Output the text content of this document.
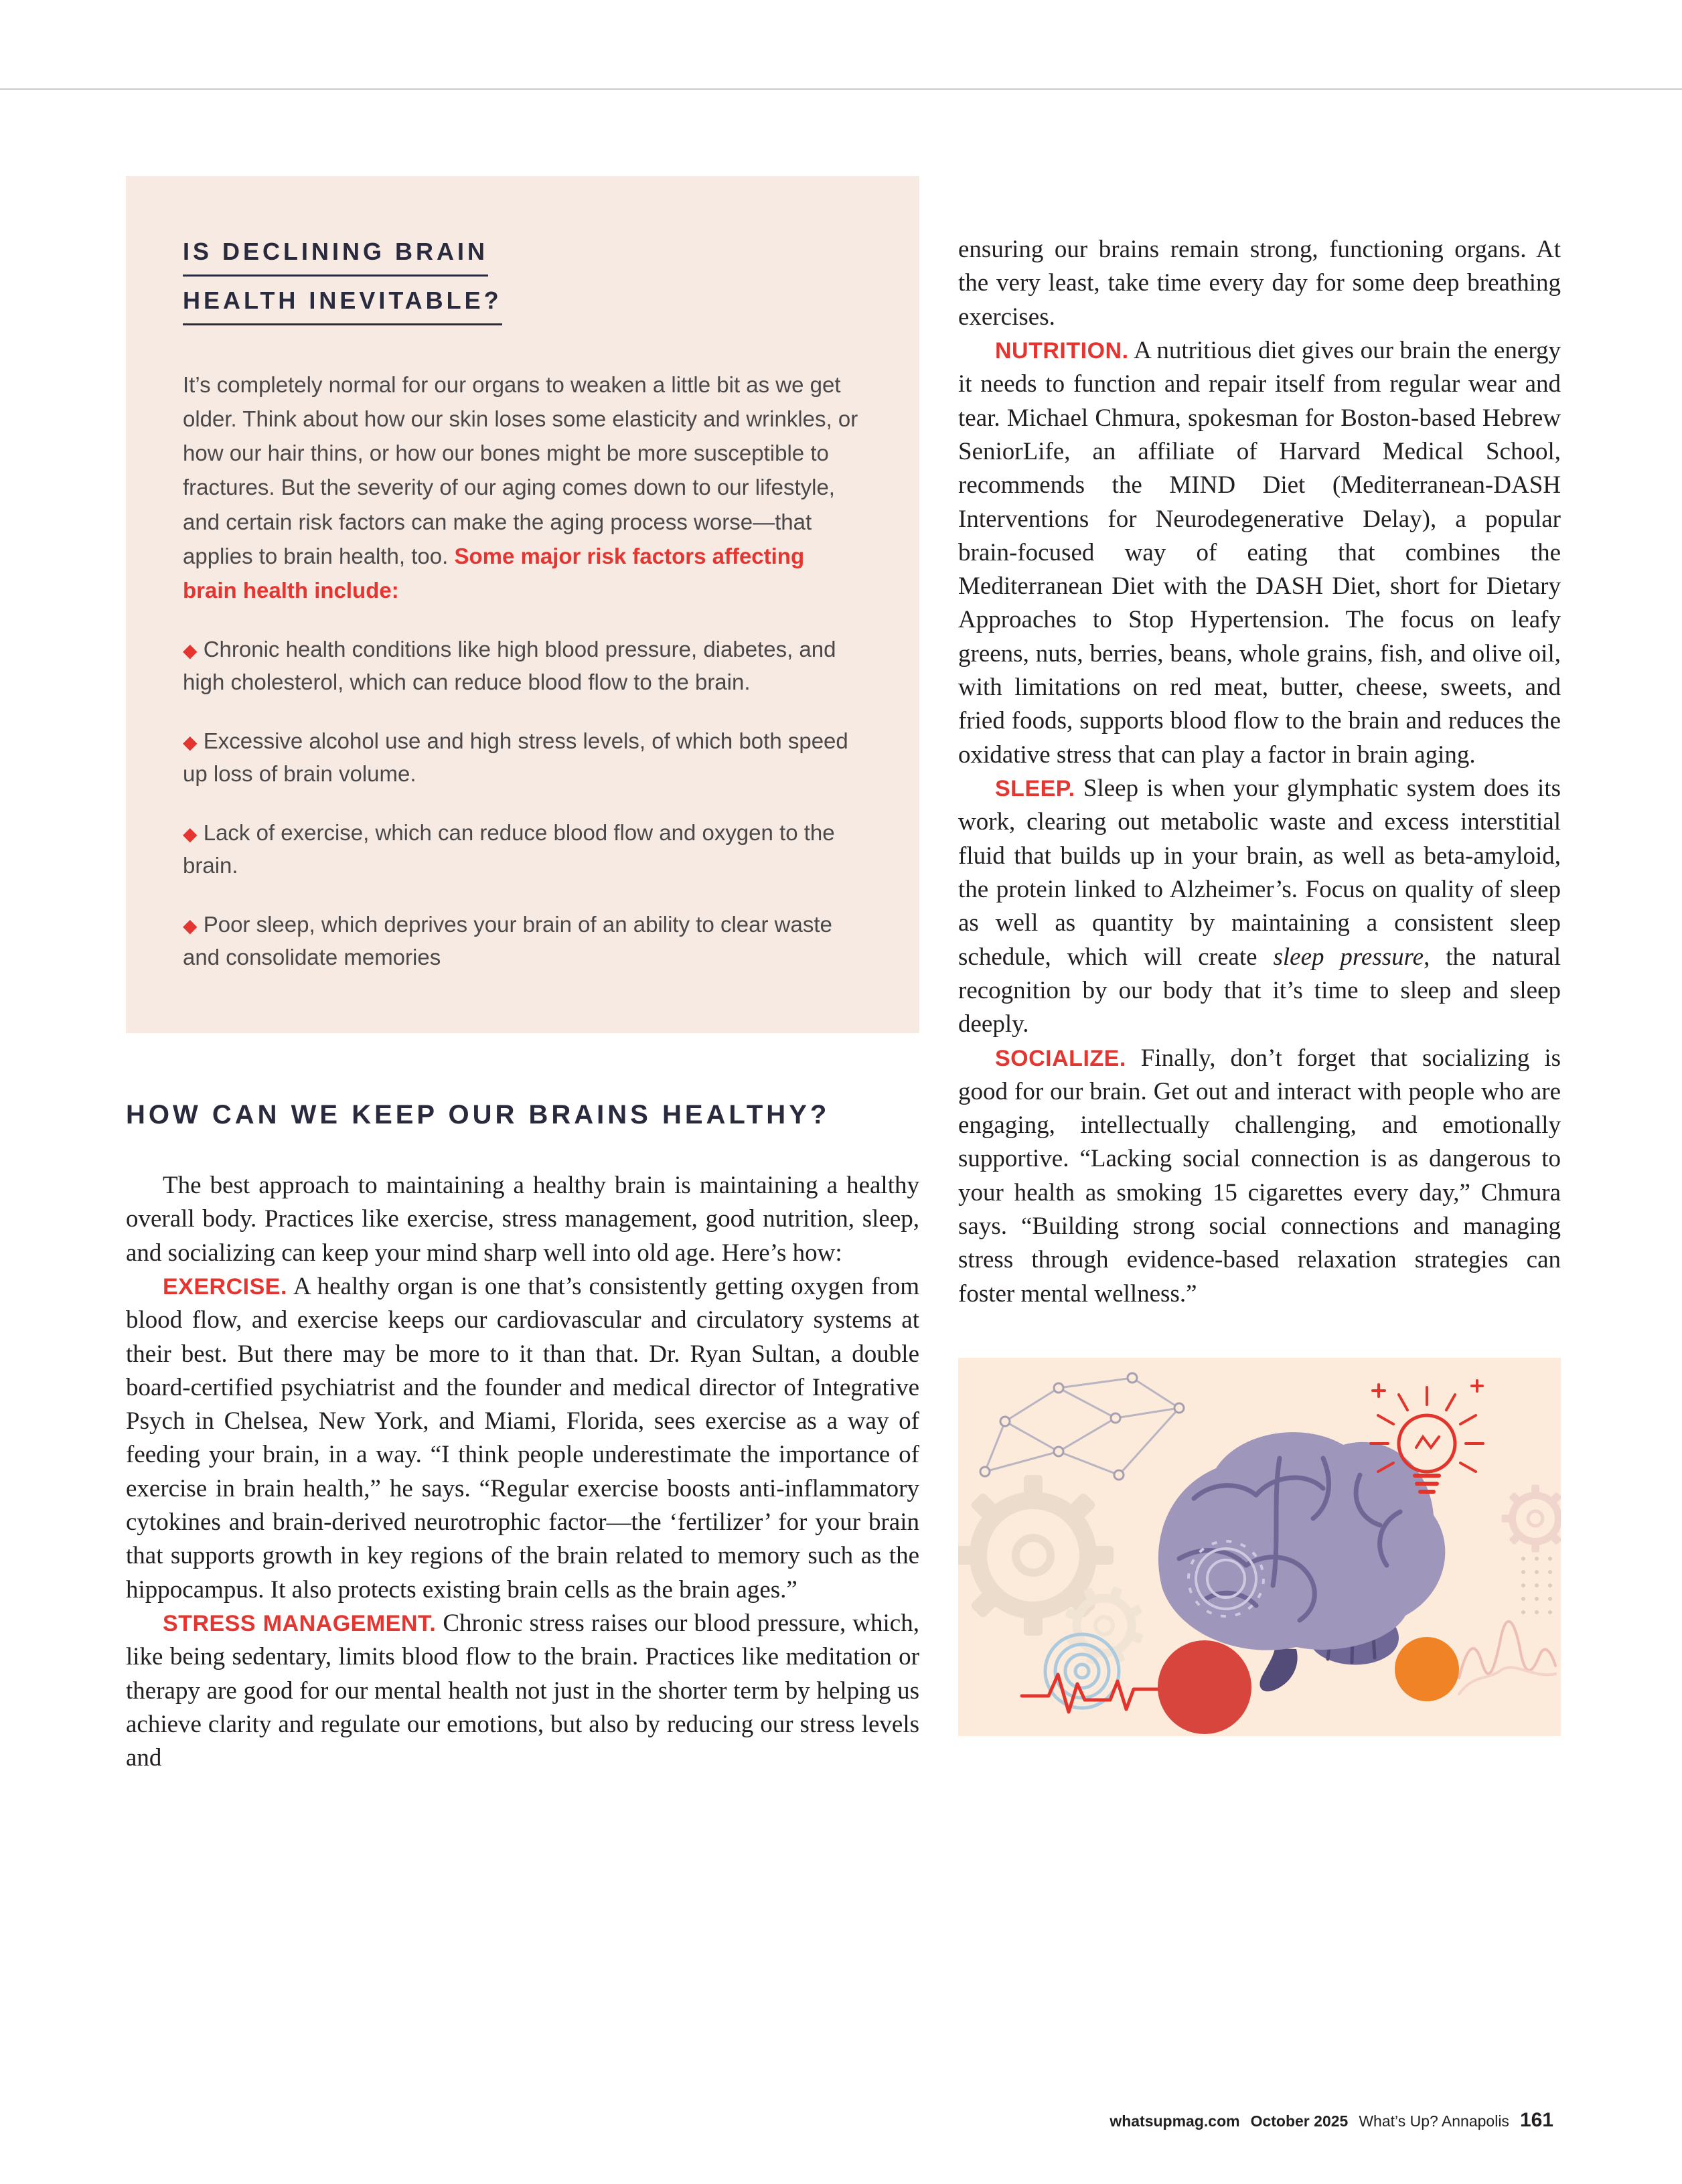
IS DECLINING BRAIN
HEALTH INEVITABLE?

It’s completely normal for our organs to weaken a little bit as we get older. Think about how our skin loses some elasticity and wrinkles, or how our hair thins, or how our bones might be more susceptible to fractures. But the severity of our aging comes down to our lifestyle, and certain risk factors can make the aging process worse—that applies to brain health, too. Some major risk factors affecting brain health include:

◆ Chronic health conditions like high blood pressure, diabetes, and high cholesterol, which can reduce blood flow to the brain.

◆ Excessive alcohol use and high stress levels, of which both speed up loss of brain volume.

◆ Lack of exercise, which can reduce blood flow and oxygen to the brain.

◆ Poor sleep, which deprives your brain of an ability to clear waste and consolidate memories

HOW CAN WE KEEP OUR BRAINS HEALTHY?

The best approach to maintaining a healthy brain is maintaining a healthy overall body. Practices like exercise, stress management, good nutrition, sleep, and socializing can keep your mind sharp well into old age. Here’s how:

EXERCISE. A healthy organ is one that’s consistently getting oxygen from blood flow, and exercise keeps our cardiovascular and circulatory systems at their best. But there may be more to it than that. Dr. Ryan Sultan, a double board-certified psychiatrist and the founder and medical director of Integrative Psych in Chelsea, New York, and Miami, Florida, sees exercise as a way of feeding your brain, in a way. “I think people underestimate the importance of exercise in brain health,” he says. “Regular exercise boosts anti-inflammatory cytokines and brain-derived neurotrophic factor—the ‘fertilizer’ for your brain that supports growth in key regions of the brain related to memory such as the hippocampus. It also protects existing brain cells as the brain ages.”

STRESS MANAGEMENT. Chronic stress raises our blood pressure, which, like being sedentary, limits blood flow to the brain. Practices like meditation or therapy are good for our mental health not just in the shorter term by helping us achieve clarity and regulate our emotions, but also by reducing our stress levels and

ensuring our brains remain strong, functioning organs. At the very least, take time every day for some deep breathing exercises.

NUTRITION. A nutritious diet gives our brain the energy it needs to function and repair itself from regular wear and tear. Michael Chmura, spokesman for Boston-based Hebrew SeniorLife, an affiliate of Harvard Medical School, recommends the MIND Diet (Mediterranean-DASH Interventions for Neurodegenerative Delay), a popular brain-focused way of eating that combines the Mediterranean Diet with the DASH Diet, short for Dietary Approaches to Stop Hypertension. The focus on leafy greens, nuts, berries, beans, whole grains, fish, and olive oil, with limitations on red meat, butter, cheese, sweets, and fried foods, supports blood flow to the brain and reduces the oxidative stress that can play a factor in brain aging.

SLEEP. Sleep is when your glymphatic system does its work, clearing out metabolic waste and excess interstitial fluid that builds up in your brain, as well as beta-amyloid, the protein linked to Alzheimer’s. Focus on quality of sleep as well as quantity by maintaining a consistent sleep schedule, which will create sleep pressure, the natural recognition by our body that it’s time to sleep and sleep deeply.

SOCIALIZE. Finally, don’t forget that socializing is good for our brain. Get out and interact with people who are engaging, intellectually challenging, and emotionally supportive. “Lacking social connection is as dangerous to your health as smoking 15 cigarettes every day,” Chmura says. “Building strong social connections and managing stress through evidence-based relaxation strategies can foster mental wellness.”

whatsupmag.com October 2025 What’s Up? Annapolis 161
